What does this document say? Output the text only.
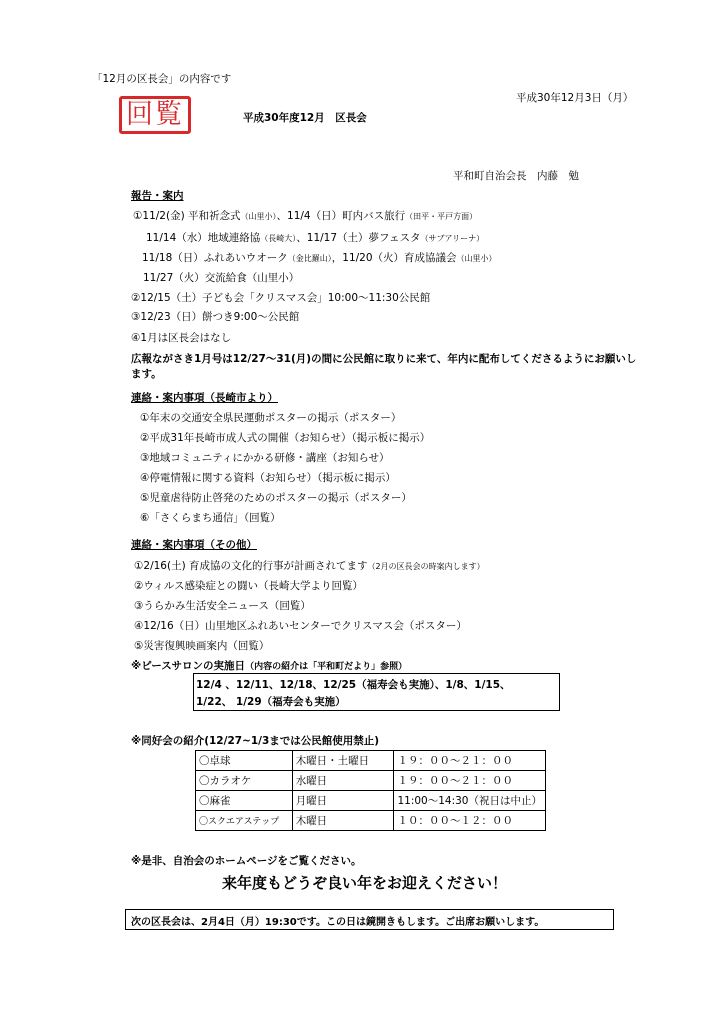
「12月の区長会」の内容です
平成30年12月3日（月）
回覧	平成30年度12月　区長会
平和町自治会長　内藤　勉
報告・案内
①11/2(金) 平和祈念式（山里小）、11/4（日）町内バス旅行（田平・平戸方面）
11/14（水）地域連絡協（長崎大）、11/17（土）夢フェスタ（サブアリーナ）
11/18（日）ふれあいウオーク（金比羅山），11/20（火）育成協議会（山里小）
11/27（火）交流給食（山里小）
②12/15（土）子ども会「クリスマス会」10:00～11:30公民館
③12/23（日）餅つき9:00～公民館
④1月は区長会はなし
広報ながさき1月号は12/27～31(月)の間に公民館に取りに来て、年内に配布してくださるようにお願いし
ます。
連絡・案内事項（長崎市より）
①年末の交通安全県民運動ポスターの掲示（ポスター）
②平成31年長崎市成人式の開催（お知らせ）（掲示板に掲示）
③地域コミュニティにかかる研修・講座（お知らせ）
④停電情報に関する資料（お知らせ）（掲示板に掲示）
⑤児童虐待防止啓発のためのポスターの掲示（ポスター）
⑥「さくらまち通信」（回覧）
連絡・案内事項（その他）
①2/16(土) 育成協の文化的行事が計画されてます（2月の区長会の時案内します）
②ウィルス感染症との闘い（長崎大学より回覧）
③うらかみ生活安全ニュース（回覧）
④12/16（日）山里地区ふれあいセンターでクリスマス会（ポスター）
⑤災害復興映画案内（回覧）
※ピースサロンの実施日（内容の紹介は「平和町だより」参照）
12/4 、12/11、12/18、12/25（福寿会も実施）、1/8、1/15、
1/22、 1/29（福寿会も実施）
※同好会の紹介(12/27~1/3までは公民館使用禁止)
〇卓球	木曜日・土曜日	１９：００～２１：００
〇カラオケ	水曜日	１９：００～２１：００
〇麻雀	月曜日	11:00～14:30（祝日は中止）
〇スクエアステップ	木曜日	１０：００～１２：００
※是非、自治会のホームページをご覧ください。
来年度もどうぞ良い年をお迎えください！
次の区長会は、2月4日（月）19:30です。この日は鏡開きもします。ご出席お願いします。
